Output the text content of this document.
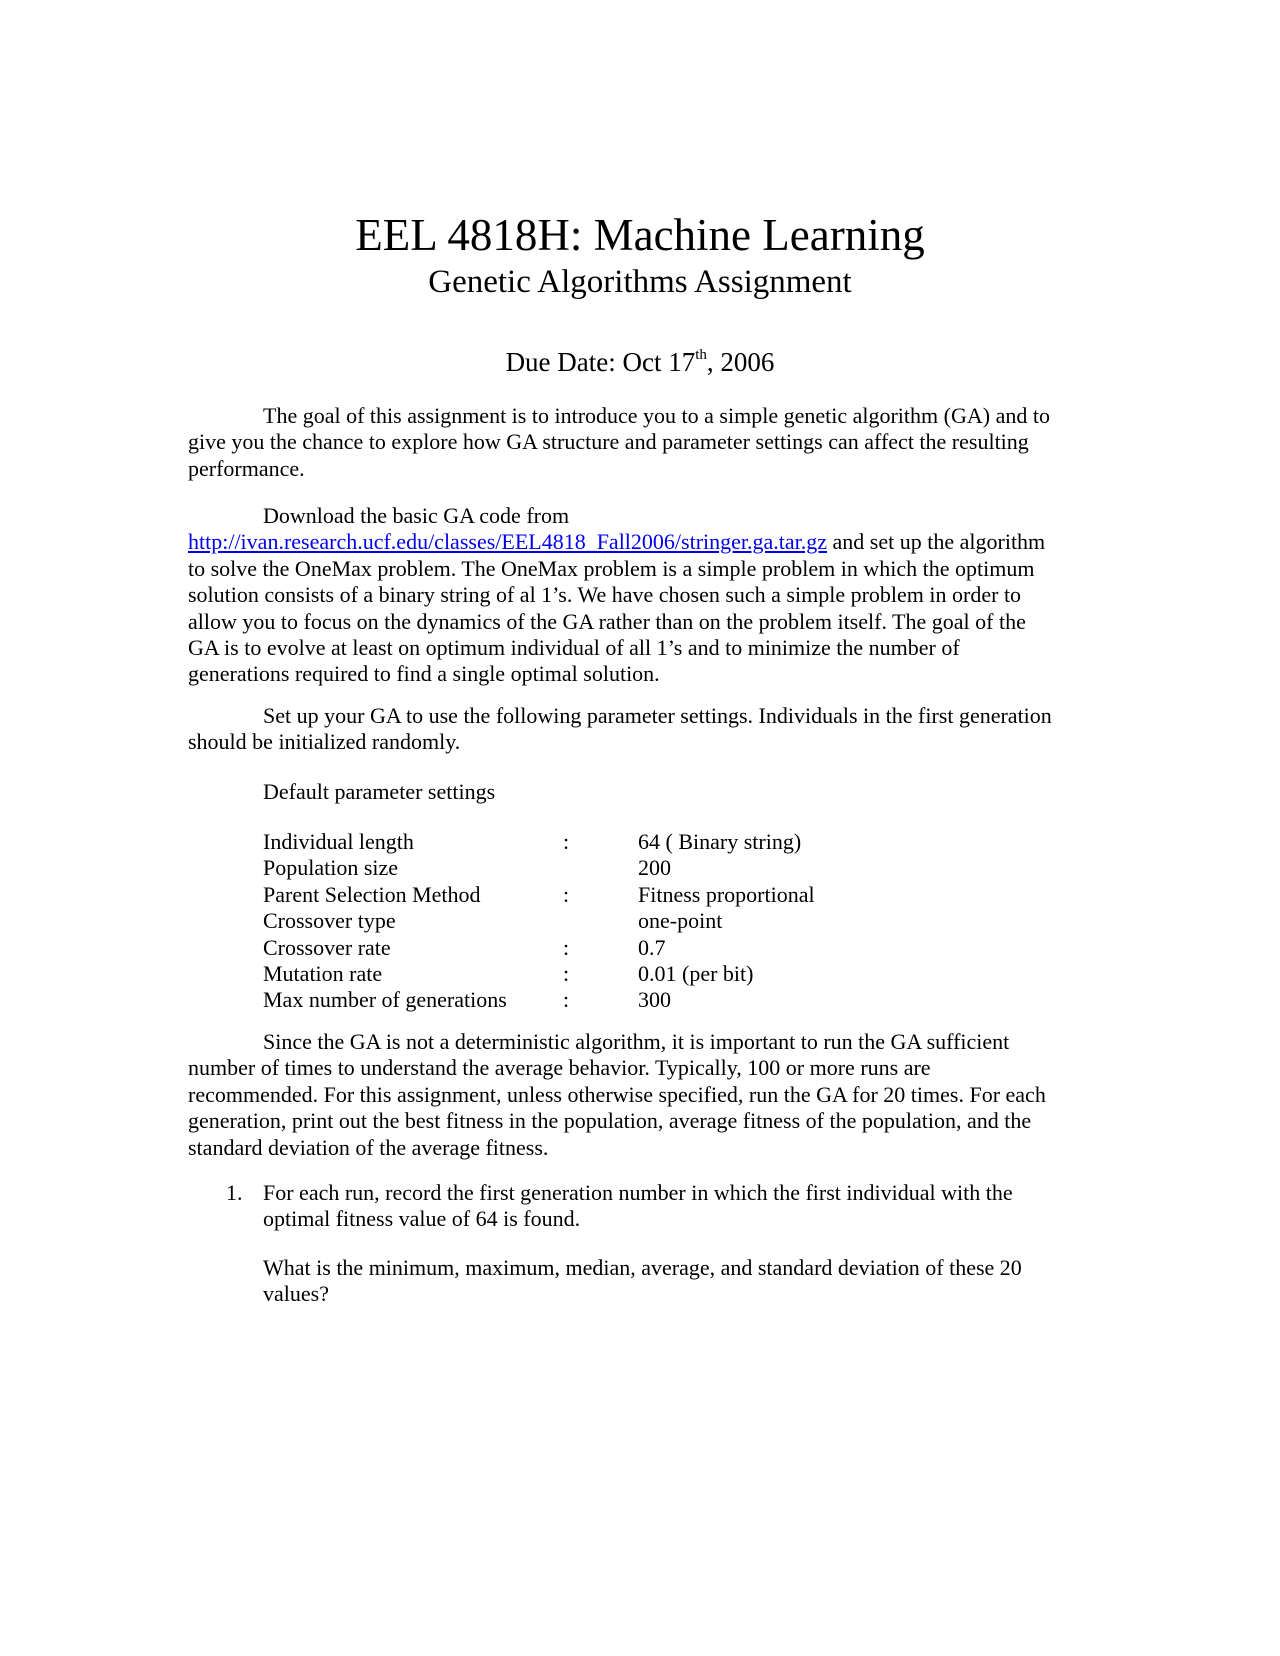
EEL 4818H: Machine Learning
Genetic Algorithms Assignment
Due Date: Oct 17th, 2006
The goal of this assignment is to introduce you to a simple genetic algorithm (GA) and to
give you the chance to explore how GA structure and parameter settings can affect the resulting
performance.
Download the basic GA code from
http://ivan.research.ucf.edu/classes/EEL4818_Fall2006/stringer.ga.tar.gz and set up the algorithm
to solve the OneMax problem. The OneMax problem is a simple problem in which the optimum
solution consists of a binary string of al 1’s. We have chosen such a simple problem in order to
allow you to focus on the dynamics of the GA rather than on the problem itself. The goal of the
GA is to evolve at least on optimum individual of all 1’s and to minimize the number of
generations required to find a single optimal solution.
Set up your GA to use the following parameter settings. Individuals in the first generation
should be initialized randomly.
Default parameter settings
Individual length	:	64 ( Binary string)
Population size	200
Parent Selection Method	:	Fitness proportional
Crossover type	one-point
Crossover rate	:	0.7
Mutation rate	:	0.01 (per bit)
Max number of generations	:	300
Since the GA is not a deterministic algorithm, it is important to run the GA sufficient
number of times to understand the average behavior. Typically, 100 or more runs are
recommended. For this assignment, unless otherwise specified, run the GA for 20 times. For each
generation, print out the best fitness in the population, average fitness of the population, and the
standard deviation of the average fitness.
1. For each run, record the first generation number in which the first individual with the
optimal fitness value of 64 is found.
What is the minimum, maximum, median, average, and standard deviation of these 20
values?
